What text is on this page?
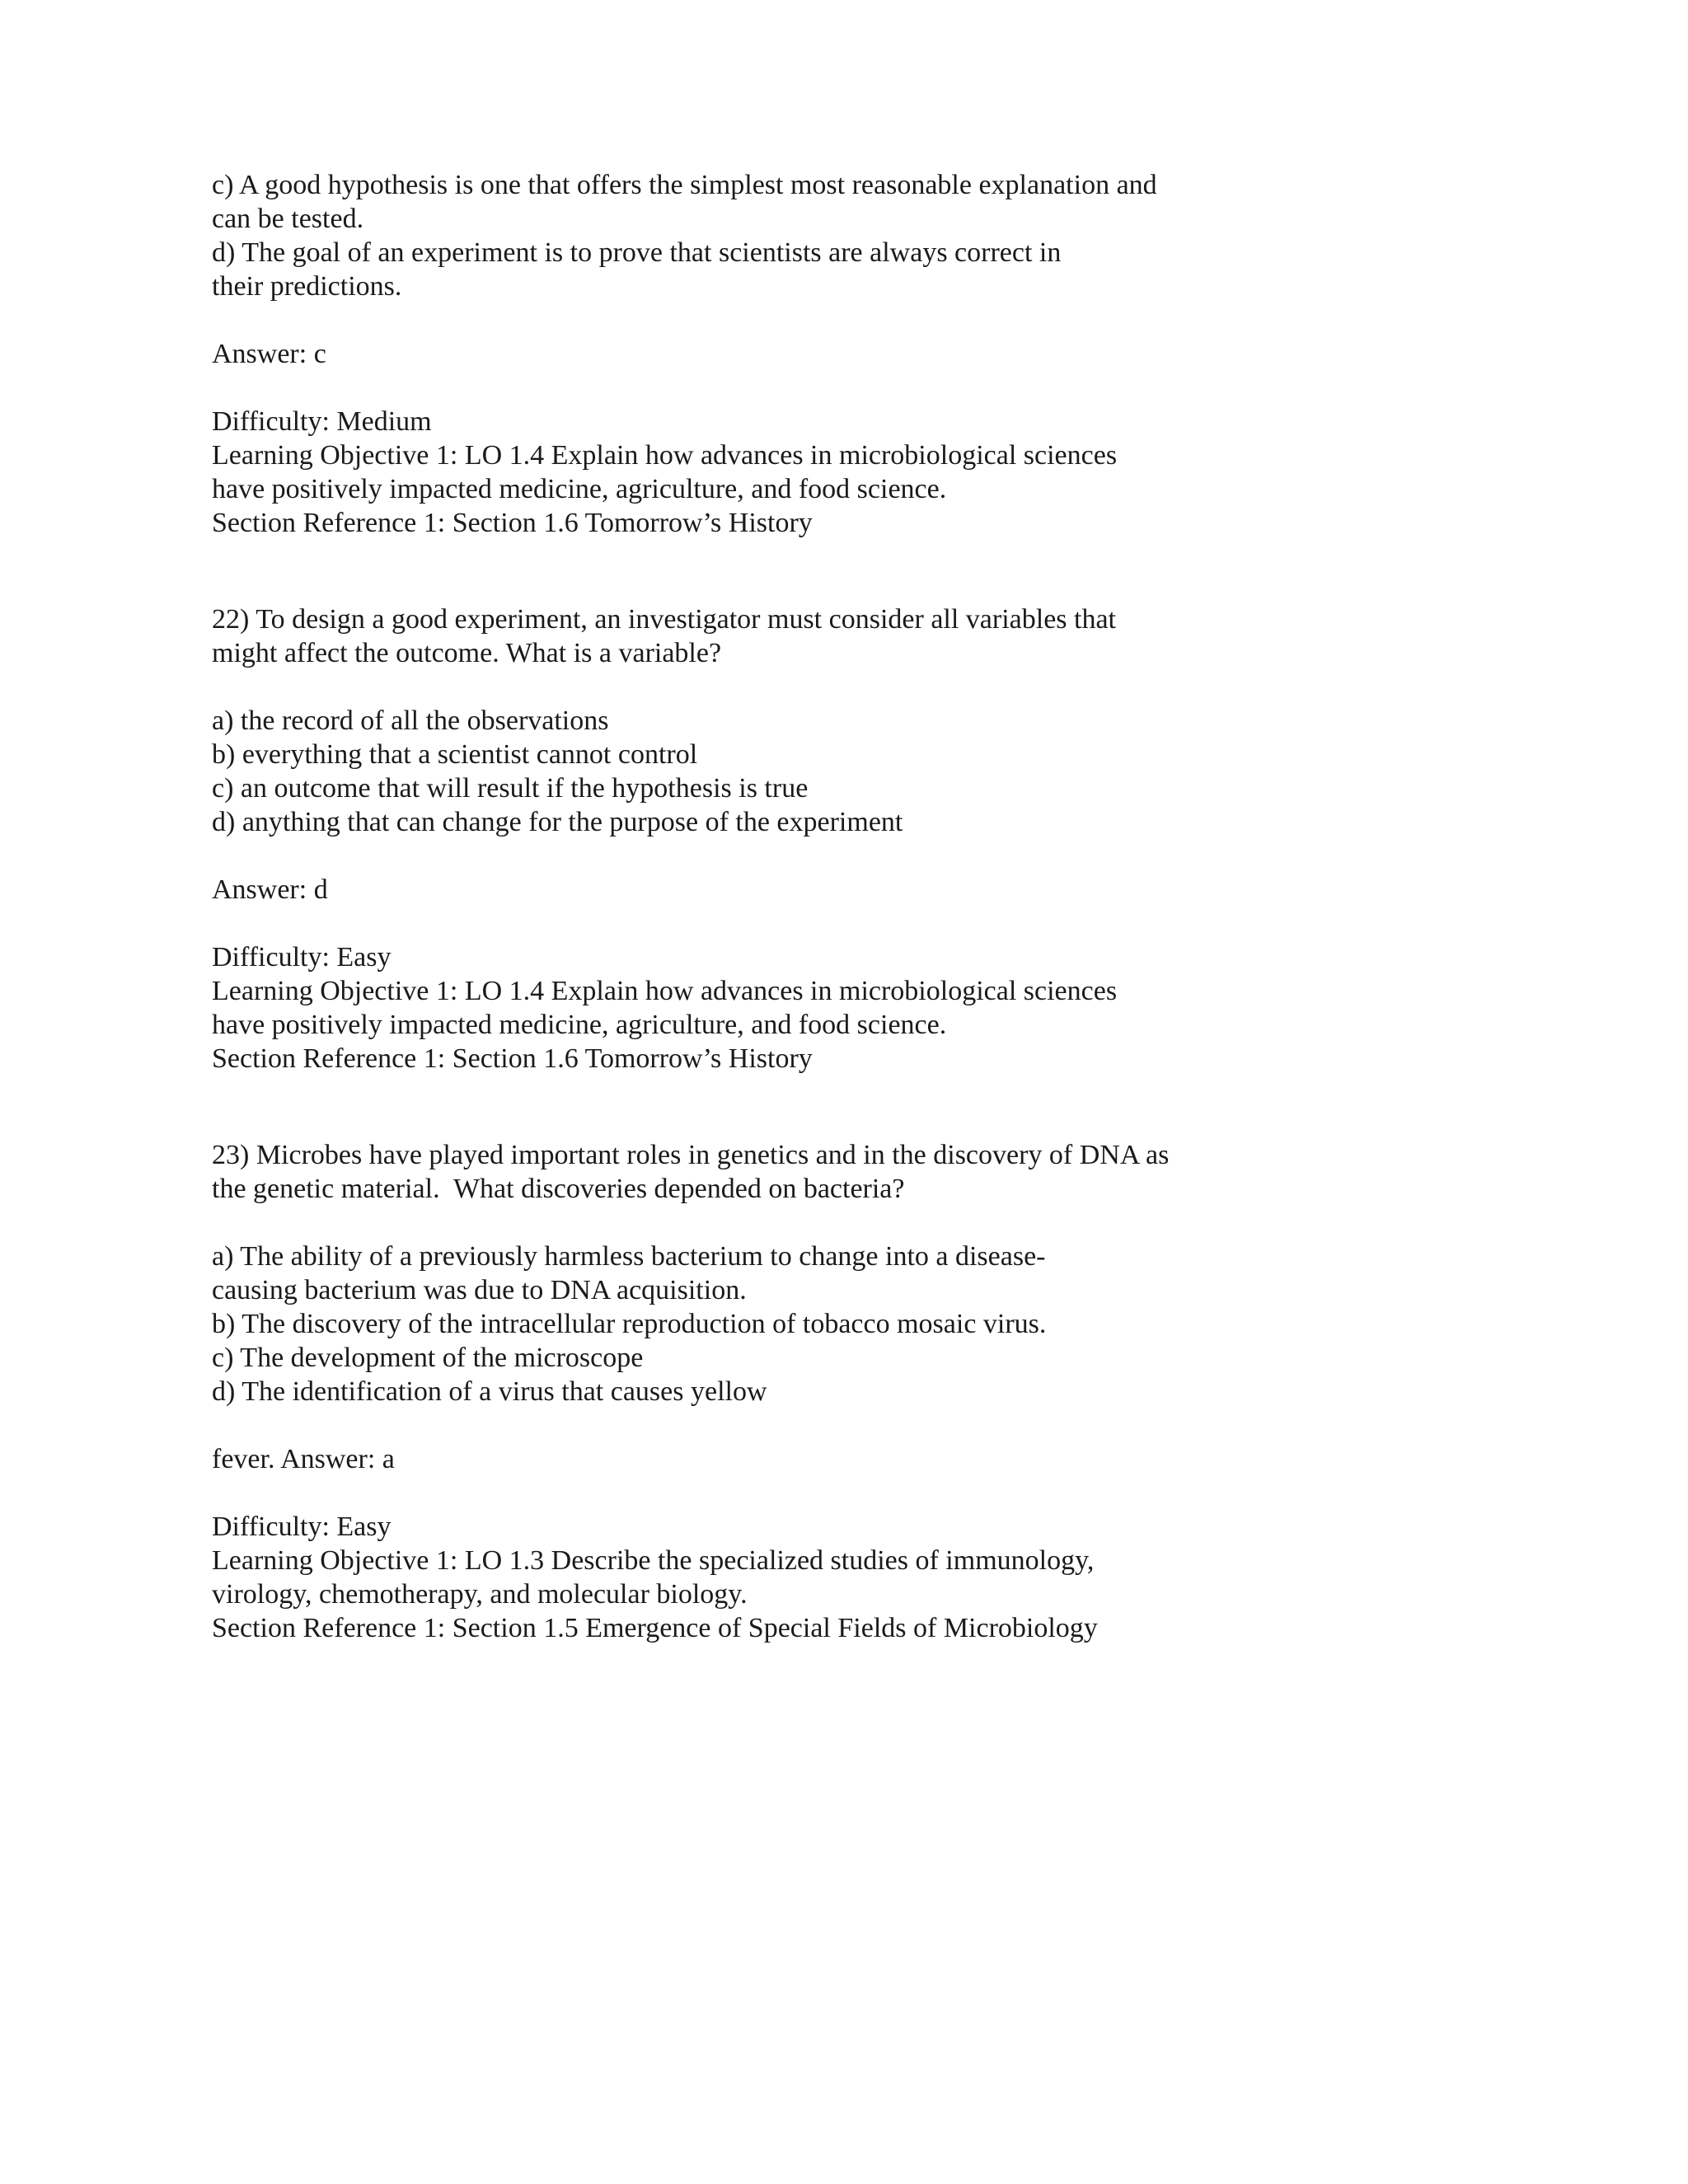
c) A good hypothesis is one that offers the simplest most reasonable explanation and
can be tested.
d) The goal of an experiment is to prove that scientists are always correct in
their predictions.
Answer: c
Difficulty: Medium
Learning Objective 1: LO 1.4 Explain how advances in microbiological sciences
have positively impacted medicine, agriculture, and food science.
Section Reference 1: Section 1.6 Tomorrow’s History
22) To design a good experiment, an investigator must consider all variables that
might affect the outcome. What is a variable?
a) the record of all the observations
b) everything that a scientist cannot control
c) an outcome that will result if the hypothesis is true
d) anything that can change for the purpose of the experiment
Answer: d
Difficulty: Easy
Learning Objective 1: LO 1.4 Explain how advances in microbiological sciences
have positively impacted medicine, agriculture, and food science.
Section Reference 1: Section 1.6 Tomorrow’s History
23) Microbes have played important roles in genetics and in the discovery of DNA as
the genetic material.  What discoveries depended on bacteria?
a) The ability of a previously harmless bacterium to change into a disease-
causing bacterium was due to DNA acquisition.
b) The discovery of the intracellular reproduction of tobacco mosaic virus.
c) The development of the microscope
d) The identification of a virus that causes yellow
fever. Answer: a
Difficulty: Easy
Learning Objective 1: LO 1.3 Describe the specialized studies of immunology,
virology, chemotherapy, and molecular biology.
Section Reference 1: Section 1.5 Emergence of Special Fields of Microbiology
